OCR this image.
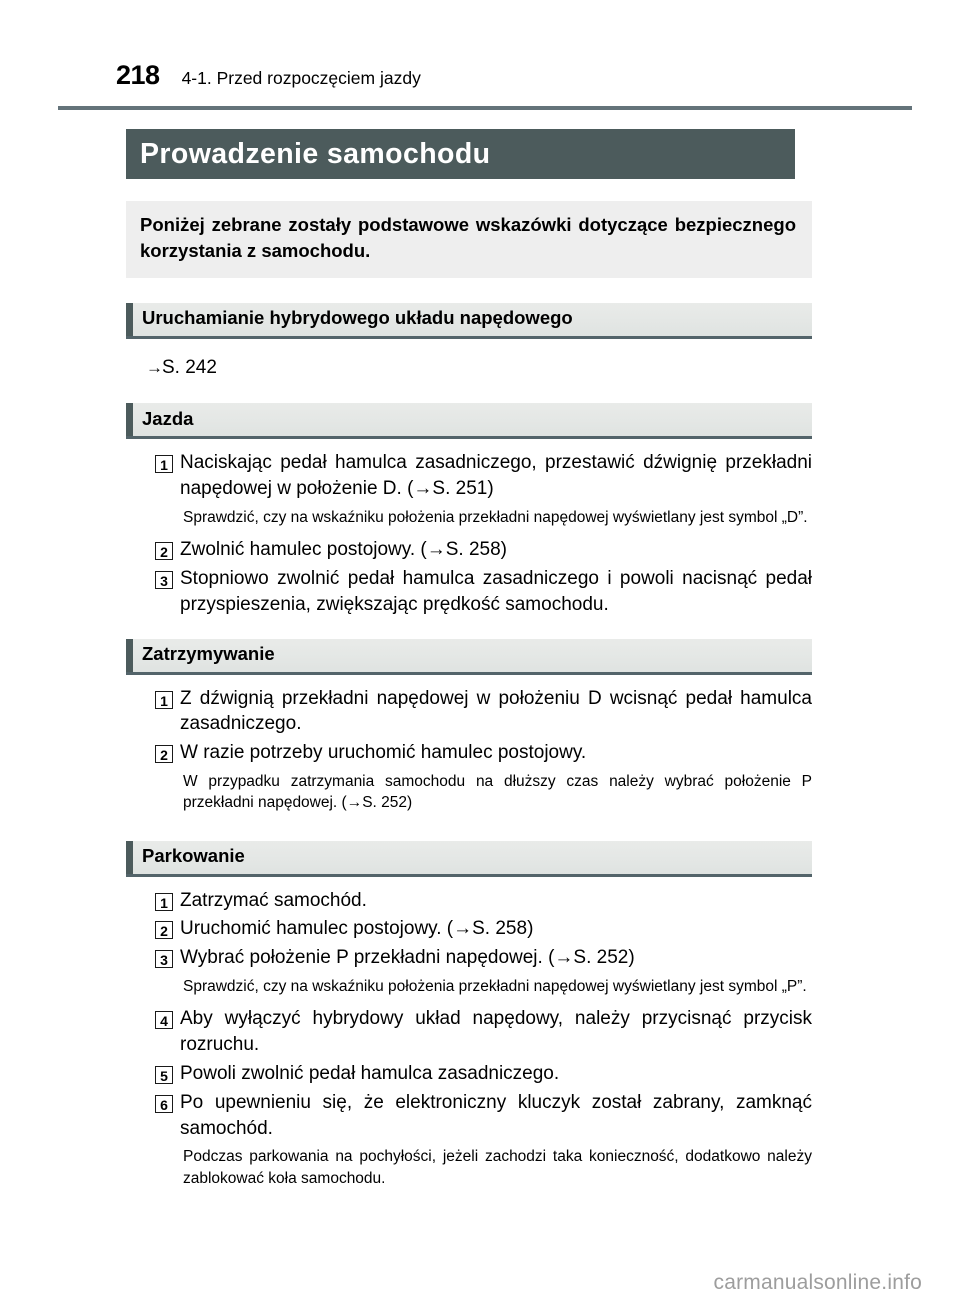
218 4-1. Przed rozpoczęciem jazdy
Prowadzenie samochodu
Poniżej zebrane zostały podstawowe wskazówki dotyczące bezpiecznego korzystania z samochodu.
Uruchamianie hybrydowego układu napędowego
→S. 242
Jazda
1 Naciskając pedał hamulca zasadniczego, przestawić dźwignię przekładni napędowej w położenie D. (→S. 251)
Sprawdzić, czy na wskaźniku położenia przekładni napędowej wyświetlany jest symbol „D”.
2 Zwolnić hamulec postojowy. (→S. 258)
3 Stopniowo zwolnić pedał hamulca zasadniczego i powoli nacisnąć pedał przyspieszenia, zwiększając prędkość samochodu.
Zatrzymywanie
1 Z dźwignią przekładni napędowej w położeniu D wcisnąć pedał hamulca zasadniczego.
2 W razie potrzeby uruchomić hamulec postojowy.
W przypadku zatrzymania samochodu na dłuższy czas należy wybrać położenie P przekładni napędowej. (→S. 252)
Parkowanie
1 Zatrzymać samochód.
2 Uruchomić hamulec postojowy. (→S. 258)
3 Wybrać położenie P przekładni napędowej. (→S. 252)
Sprawdzić, czy na wskaźniku położenia przekładni napędowej wyświetlany jest symbol „P”.
4 Aby wyłączyć hybrydowy układ napędowy, należy przycisnąć przycisk rozruchu.
5 Powoli zwolnić pedał hamulca zasadniczego.
6 Po upewnieniu się, że elektroniczny kluczyk został zabrany, zamknąć samochód.
Podczas parkowania na pochyłości, jeżeli zachodzi taka konieczność, dodatkowo należy zablokować koła samochodu.
carmanualsonline.info
